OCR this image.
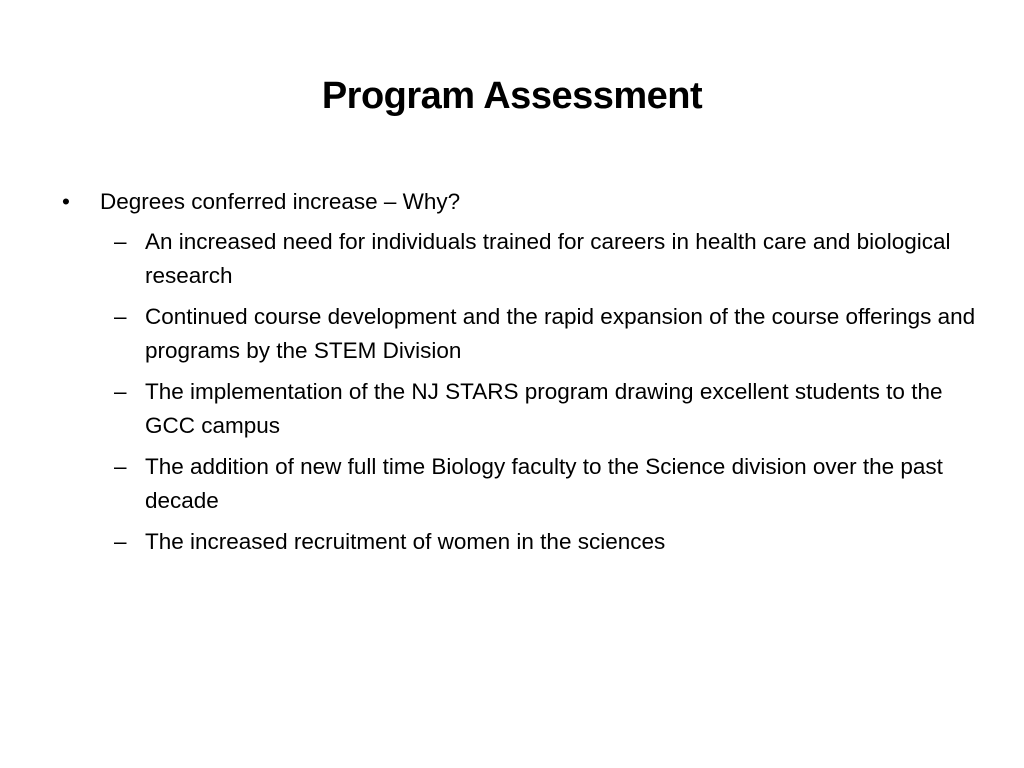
Program Assessment
• Degrees conferred increase – Why?
– An increased need for individuals trained for careers in health care and biological research
– Continued course development and the rapid expansion of the course offerings and programs by the STEM Division
– The implementation of the NJ STARS program drawing excellent students to the GCC campus
– The addition of new full time Biology faculty to the Science division over the past decade
– The increased recruitment of women in the sciences
